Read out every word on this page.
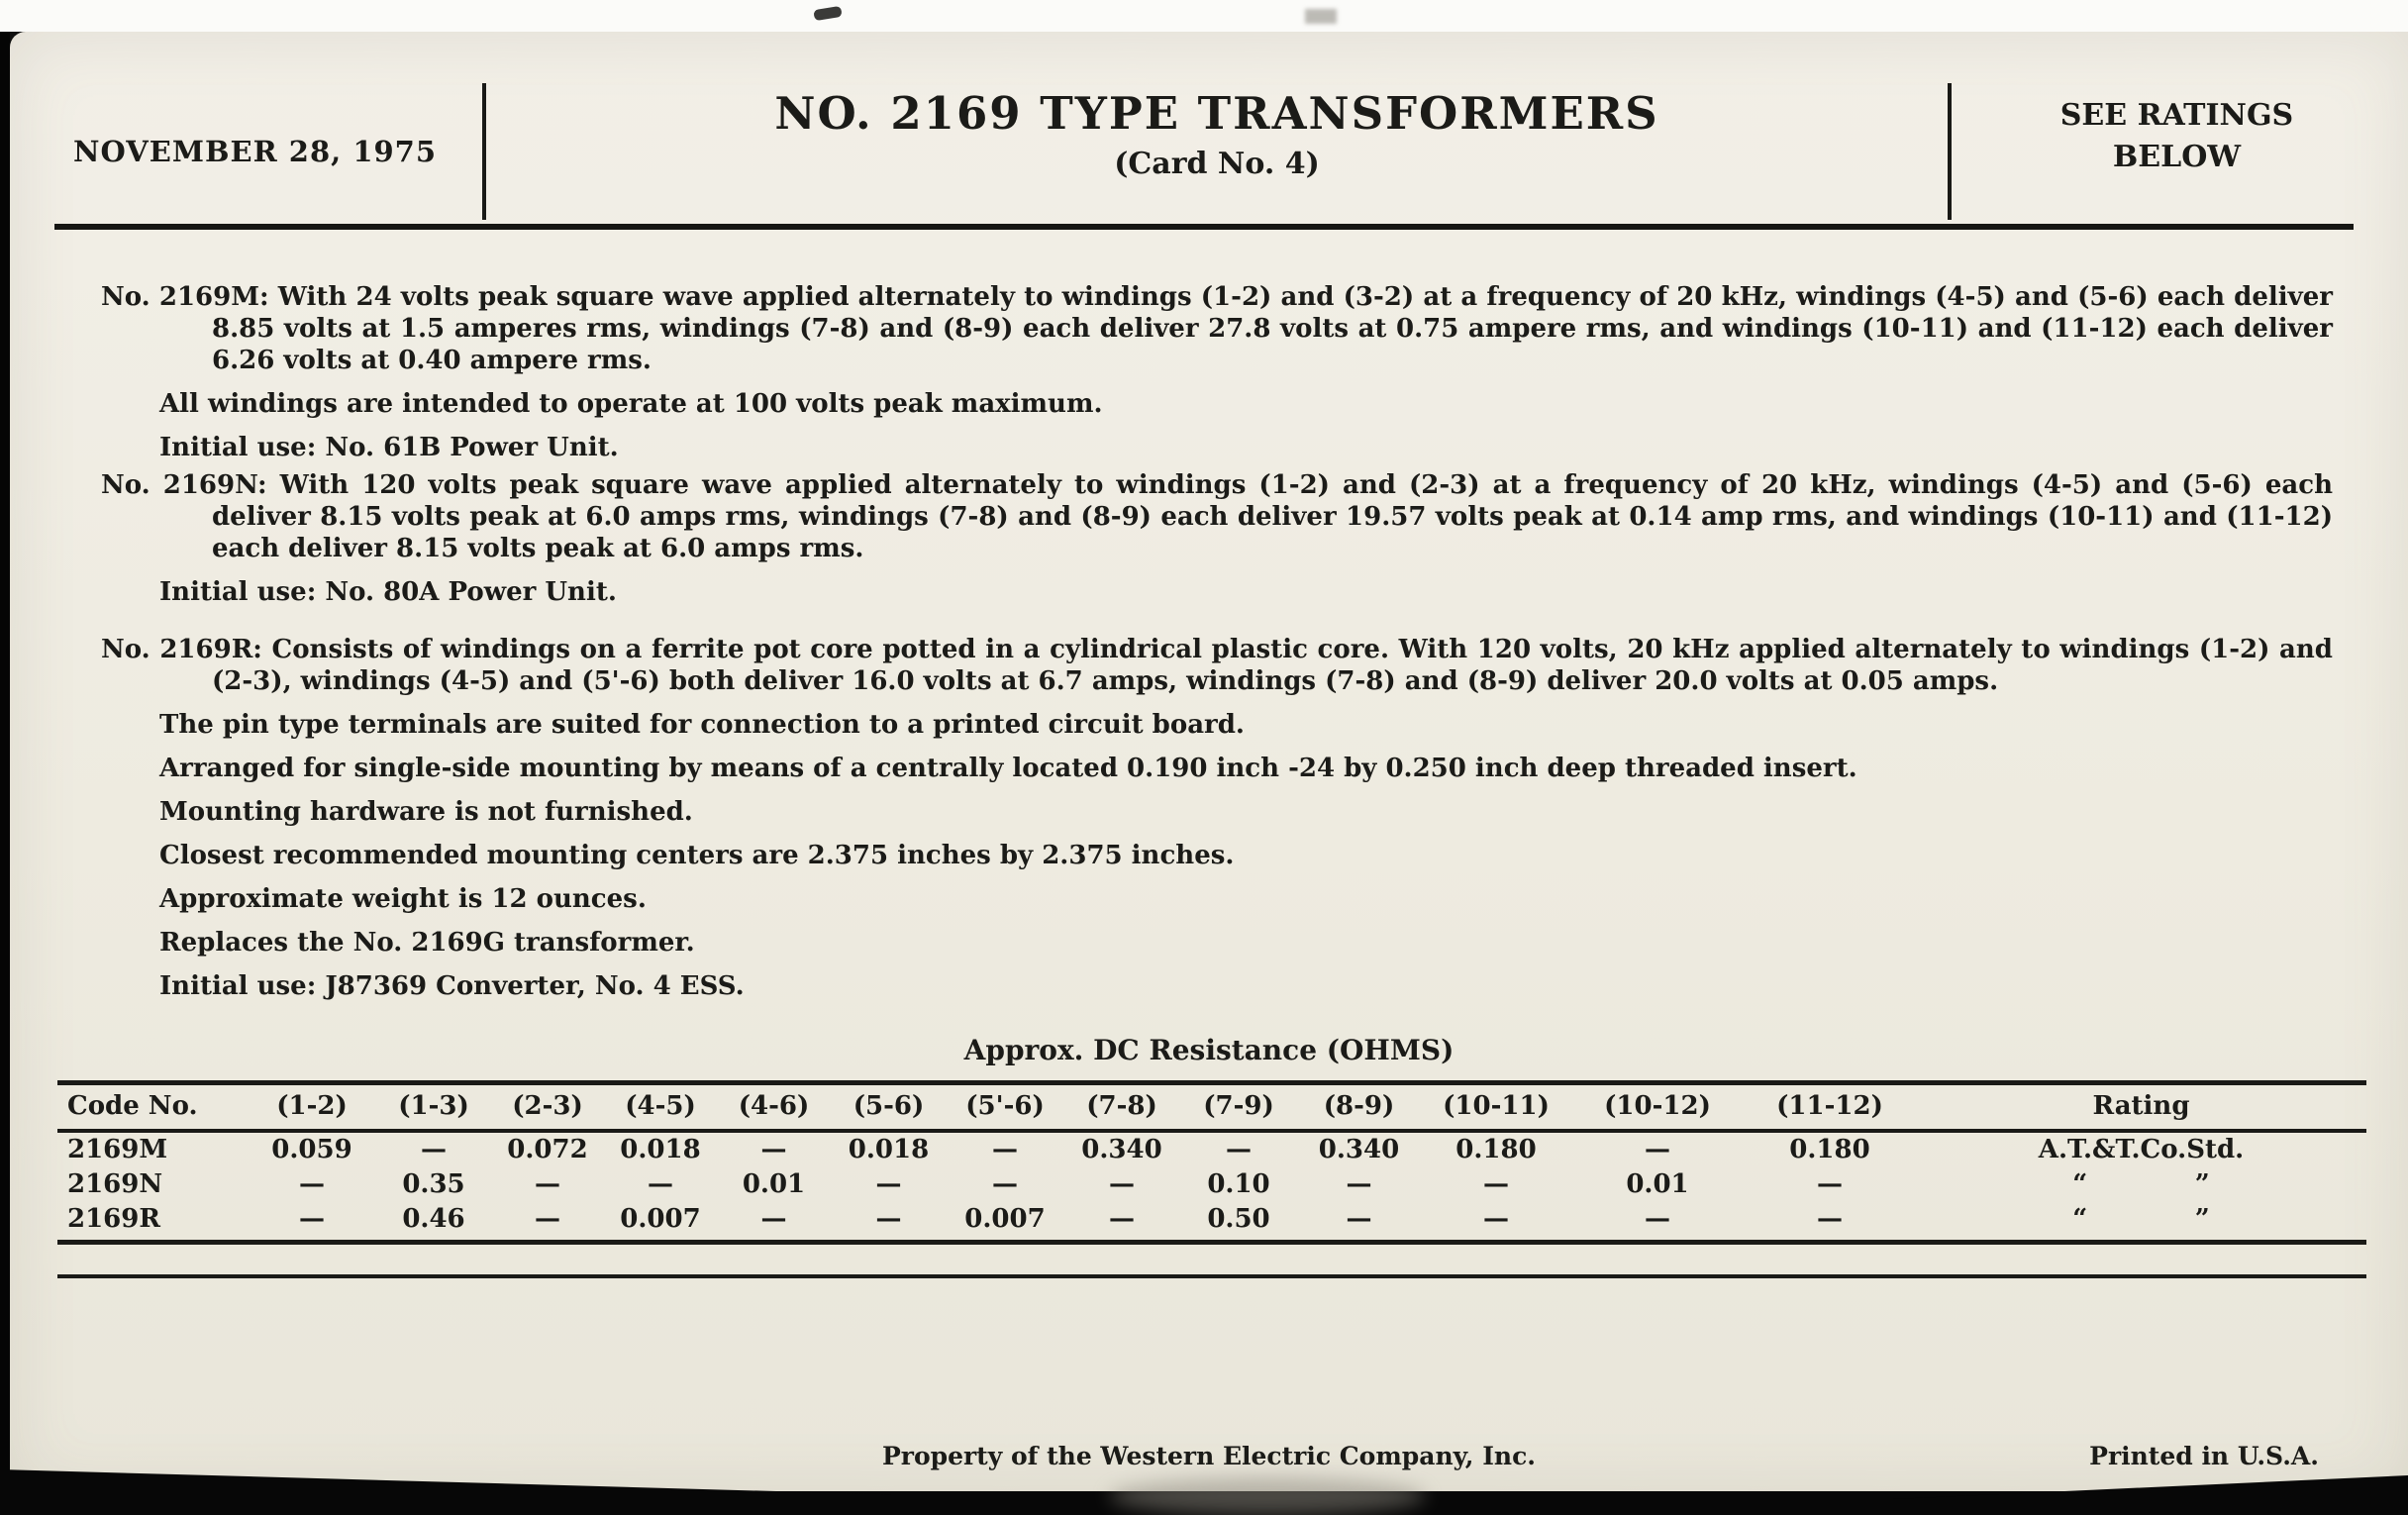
NOVEMBER 28, 1975
NO. 2169 TYPE TRANSFORMERS
(Card No. 4)
SEE RATINGS
BELOW

No. 2169M: With 24 volts peak square wave applied alternately to windings (1-2) and (3-2) at a frequency of 20 kHz, windings (4-5) and (5-6) each deliver 8.85 volts at 1.5 amperes rms, windings (7-8) and (8-9) each deliver 27.8 volts at 0.75 ampere rms, and windings (10-11) and (11-12) each deliver 6.26 volts at 0.40 ampere rms.

All windings are intended to operate at 100 volts peak maximum.

Initial use: No. 61B Power Unit.

No. 2169N: With 120 volts peak square wave applied alternately to windings (1-2) and (2-3) at a frequency of 20 kHz, windings (4-5) and (5-6) each deliver 8.15 volts peak at 6.0 amps rms, windings (7-8) and (8-9) each deliver 19.57 volts peak at 0.14 amp rms, and windings (10-11) and (11-12) each deliver 8.15 volts peak at 6.0 amps rms.

Initial use: No. 80A Power Unit.

No. 2169R: Consists of windings on a ferrite pot core potted in a cylindrical plastic core. With 120 volts, 20 kHz applied alternately to windings (1-2) and (2-3), windings (4-5) and (5'-6) both deliver 16.0 volts at 6.7 amps, windings (7-8) and (8-9) deliver 20.0 volts at 0.05 amps.

The pin type terminals are suited for connection to a printed circuit board.

Arranged for single-side mounting by means of a centrally located 0.190 inch -24 by 0.250 inch deep threaded insert.

Mounting hardware is not furnished.

Closest recommended mounting centers are 2.375 inches by 2.375 inches.

Approximate weight is 12 ounces.

Replaces the No. 2169G transformer.

Initial use: J87369 Converter, No. 4 ESS.

Approx. DC Resistance (OHMS)
Code No.	(1-2)	(1-3)	(2-3)	(4-5)	(4-6)	(5-6)	(5'-6)	(7-8)	(7-9)	(8-9)	(10-11)	(10-12)	(11-12)	Rating
2169M	0.059	—	0.072	0.018	—	0.018	—	0.340	—	0.340	0.180	—	0.180	A.T.&T.Co.Std.
2169N	—	0.35	—	—	0.01	—	—	—	0.10	—	—	0.01	—	“            ”
2169R	—	0.46	—	0.007	—	—	0.007	—	0.50	—	—	—	—	“            ”
Property of the Western Electric Company, Inc.	Printed in U.S.A.
